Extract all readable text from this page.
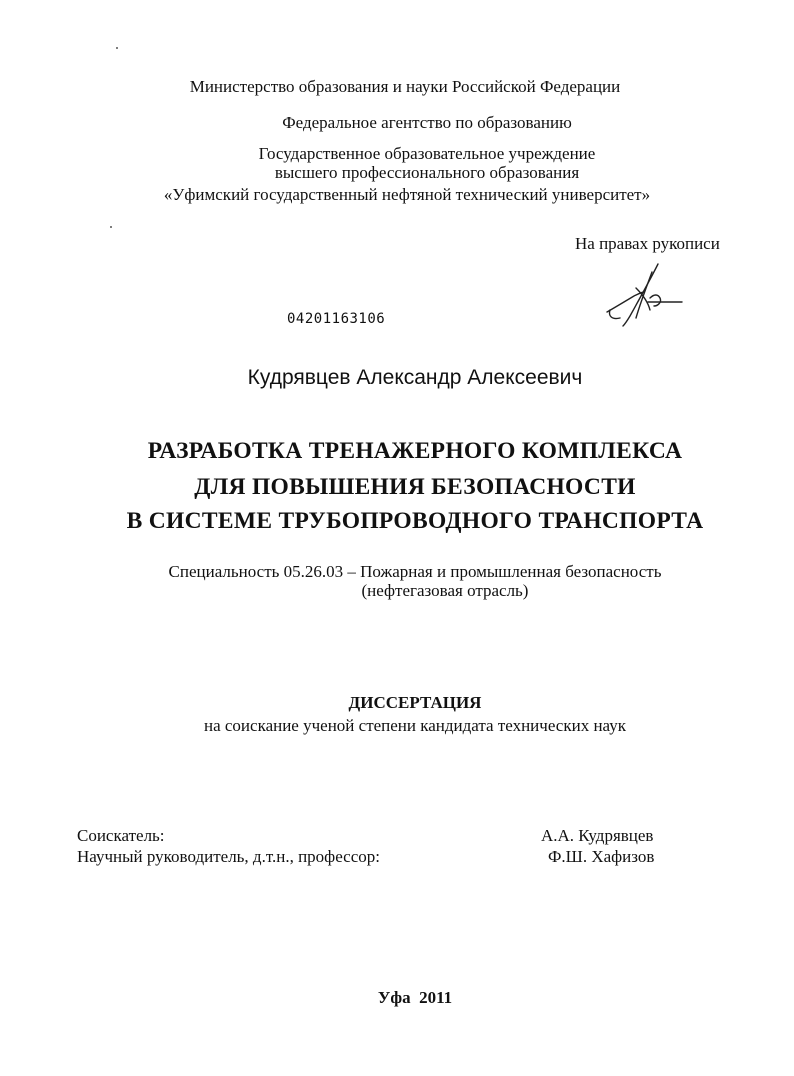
Министерство образования и науки Российской Федерации
Федеральное агентство по образованию
Государственное образовательное учреждение
высшего профессионального образования
«Уфимский государственный нефтяной технический университет»
На правах рукописи
04201163106
Кудрявцев Александр Алексеевич
РАЗРАБОТКА ТРЕНАЖЕРНОГО КОМПЛЕКСА
ДЛЯ ПОВЫШЕНИЯ БЕЗОПАСНОСТИ
В СИСТЕМЕ ТРУБОПРОВОДНОГО ТРАНСПОРТА
Специальность 05.26.03 – Пожарная и промышленная безопасность
(нефтегазовая отрасль)
ДИССЕРТАЦИЯ
на соискание ученой степени кандидата технических наук
Соискатель:	А.А. Кудрявцев
Научный руководитель, д.т.н., профессор:	Ф.Ш. Хафизов
Уфа  2011
